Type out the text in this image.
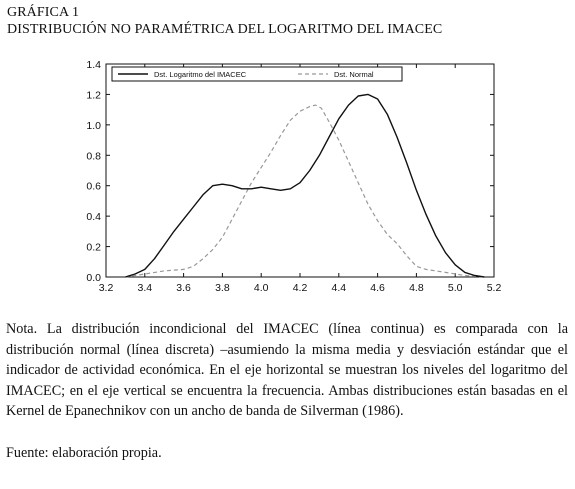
GRÁFICA 1
DISTRIBUCIÓN NO PARAMÉTRICA DEL LOGARITMO DEL IMACEC
3.2 3.4 3.6 3.8 4.0 4.2 4.4 4.6 4.8 5.0 5.2
0.0
0.2
0.4
0.6
0.8
1.0
1.2
1.4
Dst. Logaritmo del IMACEC	Dst. Normal
Nota. La distribución incondicional del IMACEC (línea continua) es comparada con la distribución normal (línea discreta) –asumiendo la misma media y desviación estándar que el indicador de actividad económica. En el eje horizontal se muestran los niveles del logaritmo del IMACEC; en el eje vertical se encuentra la frecuencia. Ambas distribuciones están basadas en el Kernel de Epanechnikov con un ancho de banda de Silverman (1986).
Fuente: elaboración propia.
